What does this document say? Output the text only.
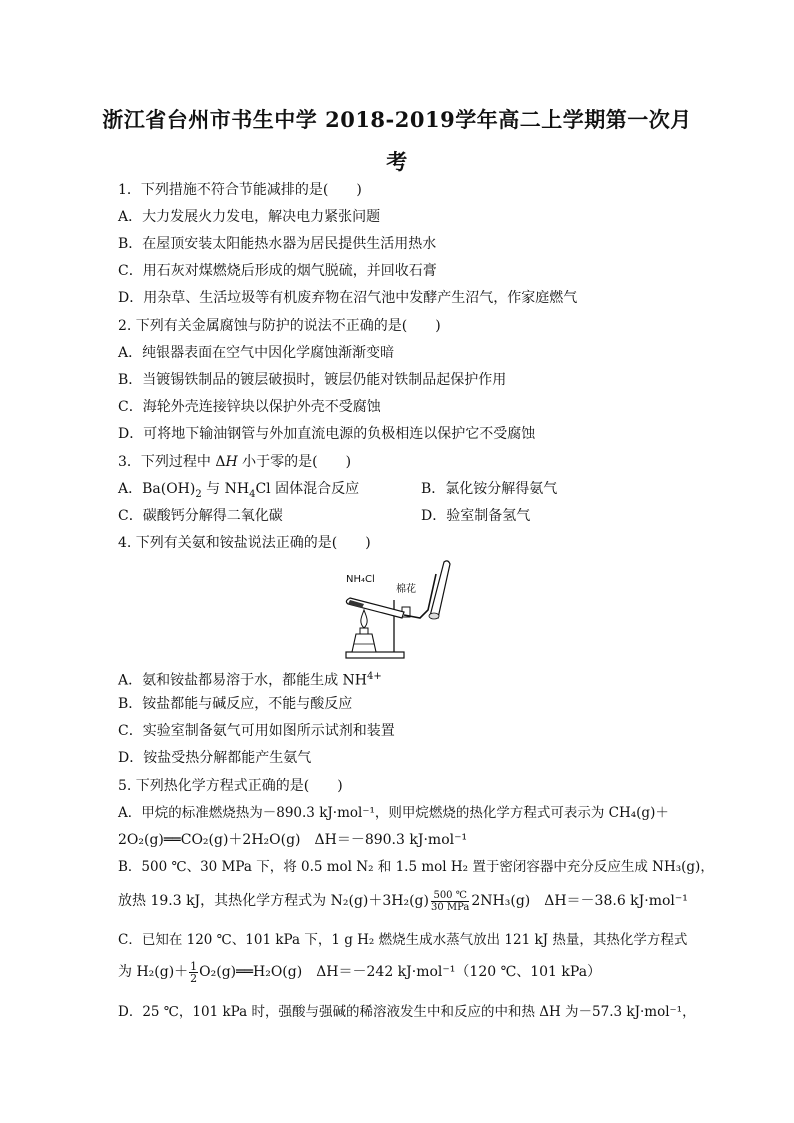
浙江省台州市书生中学 2018-2019学年高二上学期第一次月
考
1．下列措施不符合节能减排的是(　　)
A．大力发展火力发电，解决电力紧张问题
B．在屋顶安装太阳能热水器为居民提供生活用热水
C．用石灰对煤燃烧后形成的烟气脱硫，并回收石膏
D．用杂草、生活垃圾等有机废弃物在沼气池中发酵产生沼气，作家庭燃气
2. 下列有关金属腐蚀与防护的说法不正确的是(　　)
A．纯银器表面在空气中因化学腐蚀渐渐变暗
B．当镀锡铁制品的镀层破损时，镀层仍能对铁制品起保护作用
C．海轮外壳连接锌块以保护外壳不受腐蚀
D．可将地下输油钢管与外加直流电源的负极相连以保护它不受腐蚀
3．下列过程中 ΔH 小于零的是(　　)
A．$Ba(OH)_2$ 与 $NH_4Cl$ 固体混合反应	B．氯化铵分解得氨气
C．碳酸钙分解得二氧化碳	D．验室制备氢气
4. 下列有关氨和铵盐说法正确的是(　　)
NH₄Cl
棉花
A．氨和铵盐都易溶于水，都能生成 $NH^{4+}$
B．铵盐都能与碱反应，不能与酸反应
C．实验室制备氨气可用如图所示试剂和装置
D．铵盐受热分解都能产生氨气
5. 下列热化学方程式正确的是(　　)
A．甲烷的标准燃烧热为－890.3 kJ·mol⁻¹，则甲烷燃烧的热化学方程式可表示为 CH₄(g)＋
2O₂(g)══CO₂(g)＋2H₂O(g)　ΔH＝－890.3 kJ·mol⁻¹
B．500 ℃、30 MPa 下，将 0.5 mol N₂ 和 1.5 mol H₂ 置于密闭容器中充分反应生成 NH₃(g)，
放热 19.3 kJ，其热化学方程式为 N₂(g)＋3H₂(g) 500 ℃
30 MPa 2NH₃(g)　ΔH＝－38.6 kJ·mol⁻¹
C．已知在 120 ℃、101 kPa 下，1 g H₂ 燃烧生成水蒸气放出 121 kJ 热量，其热化学方程式
为 $H_2(g)+ \frac{1}{2}$ O₂(g)══H₂O(g)　ΔH＝－242 kJ·mol⁻¹（120 ℃、101 kPa）
D．25 ℃，101 kPa 时，强酸与强碱的稀溶液发生中和反应的中和热 ΔH 为－57.3 kJ·mol⁻¹，
